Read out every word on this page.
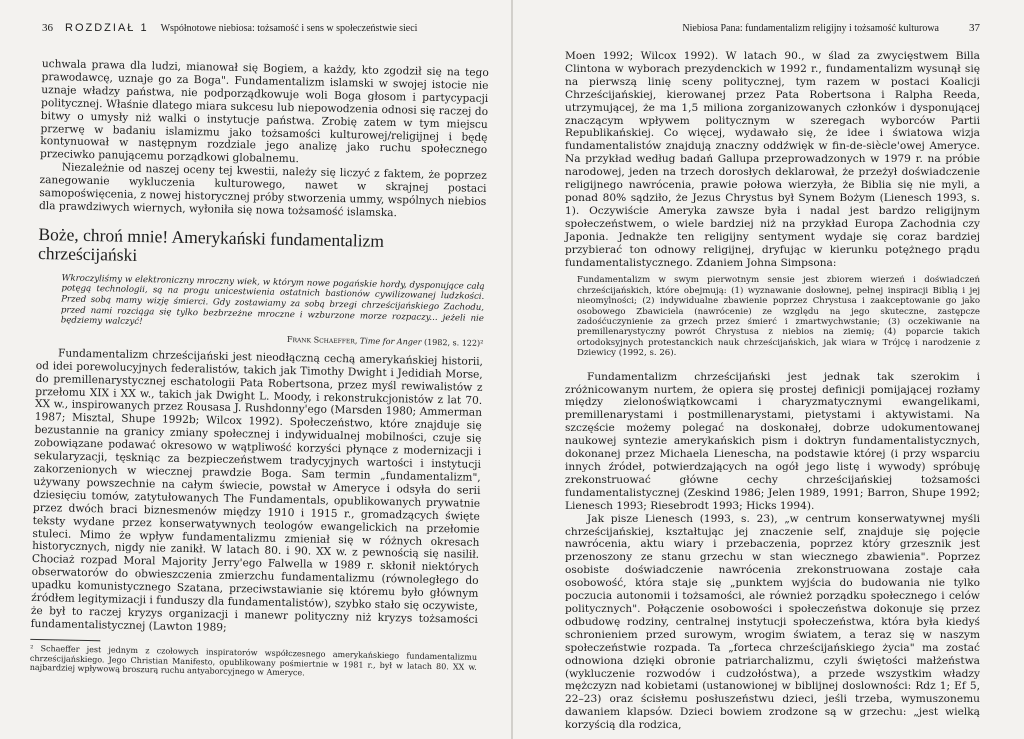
36 ROZDZIAŁ 1 Współnotowe niebiosa: tożsamość i sens w społeczeństwie sieci

uchwala prawa dla ludzi, mianował się Bogiem, a każdy, kto zgodził się na tego prawodawcę, uznaje go za Boga". Fundamentalizm islamski w swojej istocie nie uznaje władzy państwa, nie podporządkowuje woli Boga głosom i partycypacji politycznej. Właśnie dlatego miara sukcesu lub niepowodzenia odnosi się raczej do bitwy o umysły niż walki o instytucje państwa. Zrobię zatem w tym miejscu przerwę w badaniu islamizmu jako tożsamości kulturowej/religijnej i będę kontynuował w następnym rozdziale jego analizę jako ruchu społecznego przeciwko panującemu porządkowi globalnemu.

Niezależnie od naszej oceny tej kwestii, należy się liczyć z faktem, że poprzez zanegowanie wykluczenia kulturowego, nawet w skrajnej postaci samopoświęcenia, z nowej historycznej próby stworzenia ummy, wspólnych niebios dla prawdziwych wiernych, wyłoniła się nowa tożsamość islamska.

Boże, chroń mnie! Amerykański fundamentalizm chrześcijański
Wkroczyliśmy w elektroniczny mroczny wiek, w którym nowe pogańskie hordy, dysponujące całą potęgą technologii, są na progu unicestwienia ostatnich bastionów cywilizowanej ludzkości. Przed sobą mamy wizję śmierci. Gdy zostawiamy za sobą brzegi chrześcijańskiego Zachodu, przed nami rozciąga się tylko bezbrzeżne mroczne i wzburzone morze rozpaczy... jeżeli nie będziemy walczyć!
Frank Schaeffer, Time for Anger (1982, s. 122)²

Fundamentalizm chrześcijański jest nieodłączną cechą amerykańskiej historii, od idei porewolucyjnych federalistów, takich jak Timothy Dwight i Jedidiah Morse, do premillenarystycznej eschatologii Pata Robertsona, przez myśl rewiwalistów z przełomu XIX i XX w., takich jak Dwight L. Moody, i rekonstrukcjonistów z lat 70. XX w., inspirowanych przez Rousasa J. Rushdonny'ego (Marsden 1980; Ammerman 1987; Misztal, Shupe 1992b; Wilcox 1992). Społeczeństwo, które znajduje się bezustannie na granicy zmiany społecznej i indywidualnej mobilności, czuje się zobowiązane podawać okresowo w wątpliwość korzyści płynące z modernizacji i sekularyzacji, tęskniąc za bezpieczeństwem tradycyjnych wartości i instytucji zakorzenionych w wiecznej prawdzie Boga. Sam termin „fundamentalizm", używany powszechnie na całym świecie, powstał w Ameryce i odsyła do serii dziesięciu tomów, zatytułowanych The Fundamentals, opublikowanych prywatnie przez dwóch braci biznesmenów między 1910 i 1915 r., gromadzących święte teksty wydane przez konserwatywnych teologów ewangelickich na przełomie stuleci. Mimo że wpływ fundamentalizmu zmieniał się w różnych okresach historycznych, nigdy nie zanikł. W latach 80. i 90. XX w. z pewnością się nasilił. Chociaż rozpad Moral Majority Jerry'ego Falwella w 1989 r. skłonił niektórych obserwatorów do obwieszczenia zmierzchu fundamentalizmu (równoległego do upadku komunistycznego Szatana, przeciwstawianie się któremu było głównym źródłem legitymizacji i funduszy dla fundamentalistów), szybko stało się oczywiste, że był to raczej kryzys organizacji i manewr polityczny niż kryzys tożsamości fundamentalistycznej (Lawton 1989;

² Schaeffer jest jednym z czołowych inspiratorów współczesnego amerykańskiego fundamentalizmu chrześcijańskiego. Jego Christian Manifesto, opublikowany pośmiertnie w 1981 r., był w latach 80. XX w. najbardziej wpływową broszurą ruchu antyaborcyjnego w Ameryce.
Niebiosa Pana: fundamentalizm religijny i tożsamość kulturowa	37

Moen 1992; Wilcox 1992). W latach 90., w ślad za zwycięstwem Billa Clintona w wyborach prezydenckich w 1992 r., fundamentalizm wysunął się na pierwszą linię sceny politycznej, tym razem w postaci Koalicji Chrześcijańskiej, kierowanej przez Pata Robertsona i Ralpha Reeda, utrzymującej, że ma 1,5 miliona zorganizowanych członków i dysponującej znaczącym wpływem politycznym w szeregach wyborców Partii Republikańskiej. Co więcej, wydawało się, że idee i światowa wizja fundamentalistów znajdują znaczny oddźwięk w fin-de-siècle'owej Ameryce. Na przykład według badań Gallupa przeprowadzonych w 1979 r. na próbie narodowej, jeden na trzech dorosłych deklarował, że przeżył doświadczenie religijnego nawrócenia, prawie połowa wierzyła, że Biblia się nie myli, a ponad 80% sądziło, że Jezus Chrystus był Synem Bożym (Lienesch 1993, s. 1). Oczywiście Ameryka zawsze była i nadal jest bardzo religijnym społeczeństwem, o wiele bardziej niż na przykład Europa Zachodnia czy Japonia. Jednakże ten religijny sentyment wydaje się coraz bardziej przybierać ton odnowy religijnej, dryfując w kierunku potężnego prądu fundamentalistycznego. Zdaniem Johna Simpsona:

Fundamentalizm w swym pierwotnym sensie jest zbiorem wierzeń i doświadczeń chrześcijańskich, które obejmują: (1) wyznawanie dosłownej, pełnej inspiracji Biblią i jej nieomylności; (2) indywidualne zbawienie poprzez Chrystusa i zaakceptowanie go jako osobowego Zbawiciela (nawrócenie) ze względu na jego skuteczne, zastępcze zadośćuczynienie za grzech przez śmierć i zmartwychwstanie; (3) oczekiwanie na premillenarystyczny powrót Chrystusa z niebios na ziemię; (4) poparcie takich ortodoksyjnych protestanckich nauk chrześcijańskich, jak wiara w Trójcę i narodzenie z Dziewicy (1992, s. 26).

Fundamentalizm chrześcijański jest jednak tak szerokim i zróżnicowanym nurtem, że opiera się prostej definicji pomijającej rozłamy między zielonoświątkowcami i charyzmatycznymi ewangelikami, premillenarystami i postmillenarystami, pietystami i aktywistami. Na szczęście możemy polegać na doskonałej, dobrze udokumentowanej naukowej syntezie amerykańskich pism i doktryn fundamentalistycznych, dokonanej przez Michaela Lienescha, na podstawie której (i przy wsparciu innych źródeł, potwierdzających na ogół jego listę i wywody) spróbuję zrekonstruować główne cechy chrześcijańskiej tożsamości fundamentalistycznej (Zeskind 1986; Jelen 1989, 1991; Barron, Shupe 1992; Lienesch 1993; Riesebrodt 1993; Hicks 1994).

Jak pisze Lienesch (1993, s. 23), „w centrum konserwatywnej myśli chrześcijańskiej, kształtując jej znaczenie self, znajduje się pojęcie nawrócenia, aktu wiary i przebaczenia, poprzez który grzesznik jest przenoszony ze stanu grzechu w stan wiecznego zbawienia". Poprzez osobiste doświadczenie nawrócenia zrekonstruowana zostaje cała osobowość, która staje się „punktem wyjścia do budowania nie tylko poczucia autonomii i tożsamości, ale również porządku społecznego i celów politycznych". Połączenie osobowości i społeczeństwa dokonuje się przez odbudowę rodziny, centralnej instytucji społeczeństwa, która była kiedyś schronieniem przed surowym, wrogim światem, a teraz się w naszym społeczeństwie rozpada. Ta „forteca chrześcijańskiego życia" ma zostać odnowiona dzięki obronie patriarchalizmu, czyli świętości małżeństwa (wykluczenie rozwodów i cudzołóstwa), a przede wszystkim władzy mężczyzn nad kobietami (ustanowionej w biblijnej doslowności: Rdz 1; Ef 5, 22–23) oraz ścisłemu posłuszeństwu dzieci, jeśli trzeba, wymuszonemu dawaniem klapsów. Dzieci bowiem zrodzone są w grzechu: „jest wielką korzyścią dla rodzica,
